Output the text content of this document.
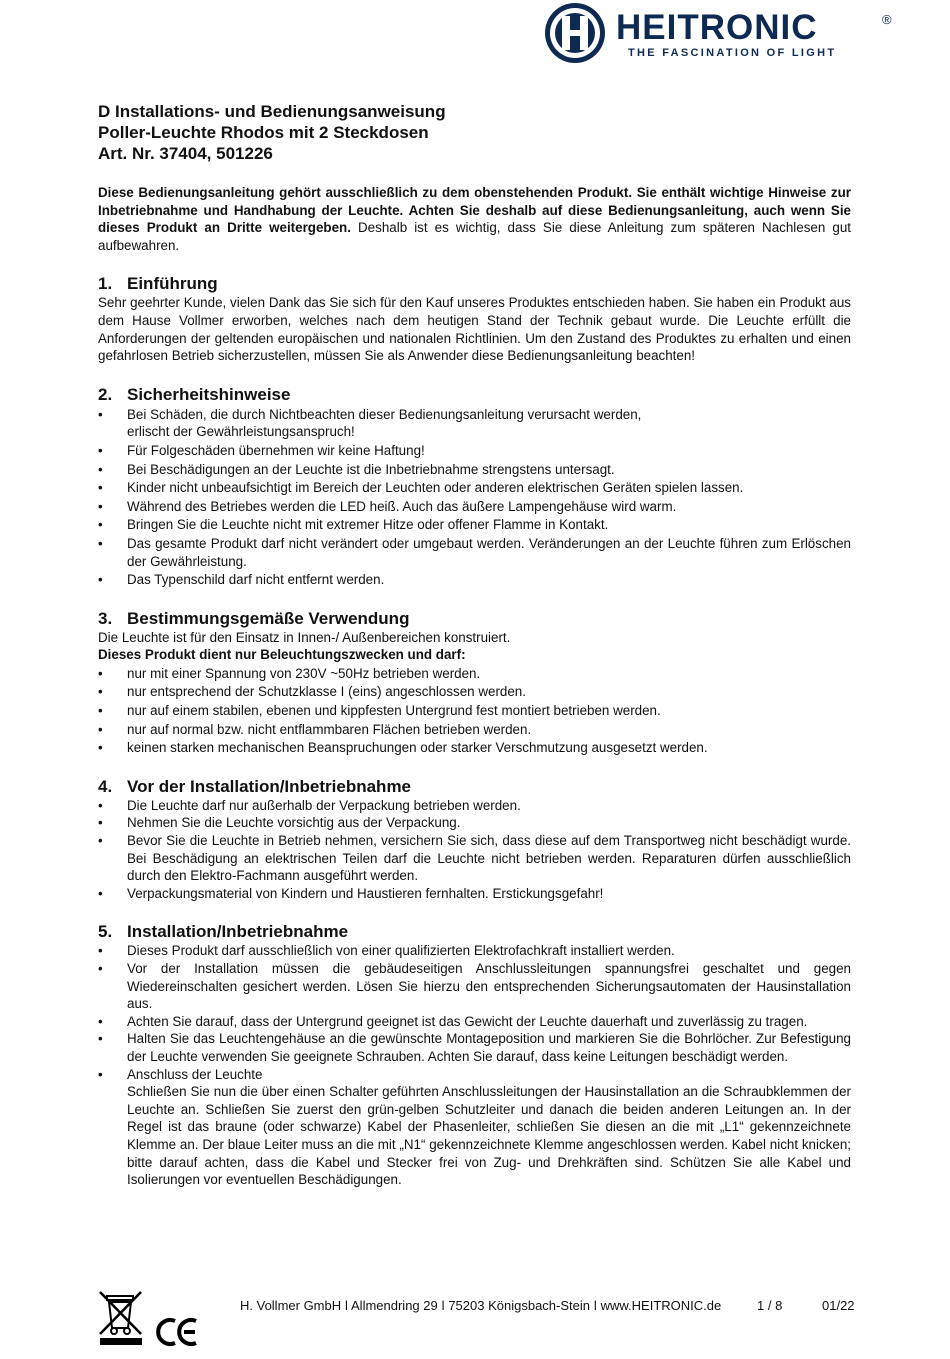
HEITRONIC	®
THE FASCINATION OF LIGHT
D Installations- und Bedienungsanweisung
Poller-Leuchte Rhodos mit 2 Steckdosen
Art. Nr. 37404, 501226

Diese Bedienungsanleitung gehört ausschließlich zu dem obenstehenden Produkt. Sie enthält wichtige Hinweise zur Inbetriebnahme und Handhabung der Leuchte. Achten Sie deshalb auf diese Bedienungsanleitung, auch wenn Sie dieses Produkt an Dritte weitergeben. Deshalb ist es wichtig, dass Sie diese Anleitung zum späteren Nachlesen gut aufbewahren.

1. Einführung

Sehr geehrter Kunde, vielen Dank das Sie sich für den Kauf unseres Produktes entschieden haben. Sie haben ein Produkt aus dem Hause Vollmer erworben, welches nach dem heutigen Stand der Technik gebaut wurde. Die Leuchte erfüllt die Anforderungen der geltenden europäischen und nationalen Richtlinien. Um den Zustand des Produktes zu erhalten und einen gefahrlosen Betrieb sicherzustellen, müssen Sie als Anwender diese Bedienungsanleitung beachten!

2. Sicherheitshinweise
• Bei Schäden, die durch Nichtbeachten dieser Bedienungsanleitung verursacht werden,
erlischt der Gewährleistungsanspruch!
• Für Folgeschäden übernehmen wir keine Haftung!
• Bei Beschädigungen an der Leuchte ist die Inbetriebnahme strengstens untersagt.
• Kinder nicht unbeaufsichtigt im Bereich der Leuchten oder anderen elektrischen Geräten spielen lassen.
• Während des Betriebes werden die LED heiß. Auch das äußere Lampengehäuse wird warm.
• Bringen Sie die Leuchte nicht mit extremer Hitze oder offener Flamme in Kontakt.
• Das gesamte Produkt darf nicht verändert oder umgebaut werden. Veränderungen an der Leuchte führen zum Erlöschen der Gewährleistung.
• Das Typenschild darf nicht entfernt werden.
3. Bestimmungsgemäße Verwendung

Die Leuchte ist für den Einsatz in Innen-/ Außenbereichen konstruiert.

Dieses Produkt dient nur Beleuchtungszwecken und darf:

• nur mit einer Spannung von 230V ~50Hz betrieben werden.
• nur entsprechend der Schutzklasse I (eins) angeschlossen werden.
• nur auf einem stabilen, ebenen und kippfesten Untergrund fest montiert betrieben werden.
• nur auf normal bzw. nicht entflammbaren Flächen betrieben werden.
• keinen starken mechanischen Beanspruchungen oder starker Verschmutzung ausgesetzt werden.
4. Vor der Installation/Inbetriebnahme
• Die Leuchte darf nur außerhalb der Verpackung betrieben werden.
• Nehmen Sie die Leuchte vorsichtig aus der Verpackung.
• Bevor Sie die Leuchte in Betrieb nehmen, versichern Sie sich, dass diese auf dem Transportweg nicht beschädigt wurde. Bei Beschädigung an elektrischen Teilen darf die Leuchte nicht betrieben werden. Reparaturen dürfen ausschließlich durch den Elektro-Fachmann ausgeführt werden.
• Verpackungsmaterial von Kindern und Haustieren fernhalten. Erstickungsgefahr!
5. Installation/Inbetriebnahme
• Dieses Produkt darf ausschließlich von einer qualifizierten Elektrofachkraft installiert werden.
• Vor der Installation müssen die gebäudeseitigen Anschlussleitungen spannungsfrei geschaltet und gegen Wiedereinschalten gesichert werden. Lösen Sie hierzu den entsprechenden Sicherungsautomaten der Hausinstallation aus.
• Achten Sie darauf, dass der Untergrund geeignet ist das Gewicht der Leuchte dauerhaft und zuverlässig zu tragen.
• Halten Sie das Leuchtengehäuse an die gewünschte Montageposition und markieren Sie die Bohrlöcher. Zur Befestigung der Leuchte verwenden Sie geeignete Schrauben. Achten Sie darauf, dass keine Leitungen beschädigt werden.
• Anschluss der Leuchte
Schließen Sie nun die über einen Schalter geführten Anschlussleitungen der Hausinstallation an die Schraubklemmen der Leuchte an. Schließen Sie zuerst den grün-gelben Schutzleiter und danach die beiden anderen Leitungen an. In der Regel ist das braune (oder schwarze) Kabel der Phasenleiter, schließen Sie diesen an die mit „L1“ gekennzeichnete Klemme an. Der blaue Leiter muss an die mit „N1“ gekennzeichnete Klemme angeschlossen werden. Kabel nicht knicken; bitte darauf achten, dass die Kabel und Stecker frei von Zug- und Drehkräften sind. Schützen Sie alle Kabel und Isolierungen vor eventuellen Beschädigungen.
H. Vollmer GmbH ǀ Allmendring 29 ǀ 75203 Königsbach-Stein ǀ www.HEITRONIC.de	1 / 8	01/22
